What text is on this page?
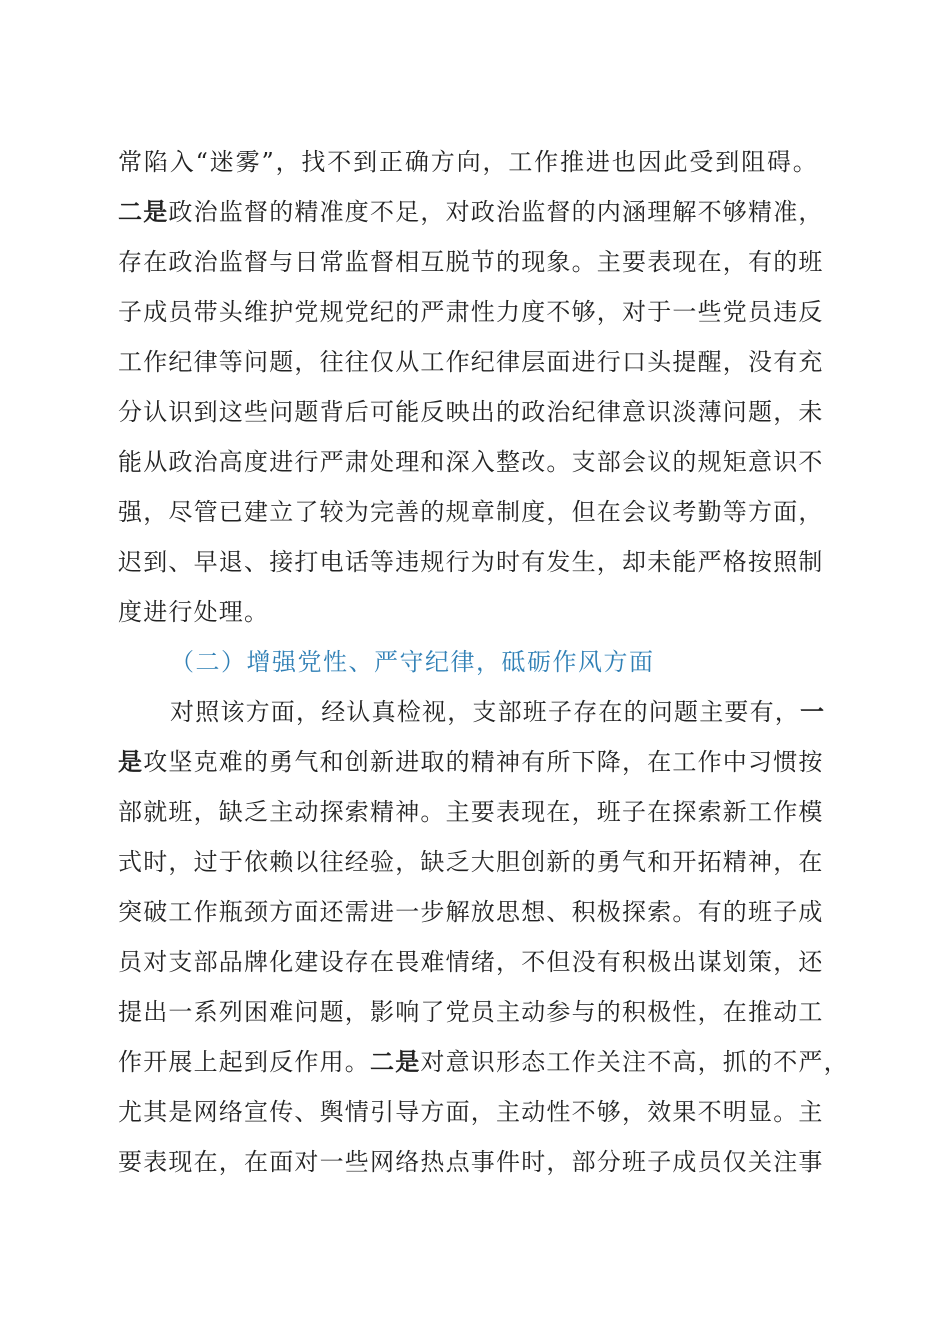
常陷入“迷雾”，找不到正确方向，工作推进也因此受到阻碍。
二是政治监督的精准度不足，对政治监督的内涵理解不够精准，
存在政治监督与日常监督相互脱节的现象。主要表现在，有的班
子成员带头维护党规党纪的严肃性力度不够，对于一些党员违反
工作纪律等问题，往往仅从工作纪律层面进行口头提醒，没有充
分认识到这些问题背后可能反映出的政治纪律意识淡薄问题，未
能从政治高度进行严肃处理和深入整改。支部会议的规矩意识不
强，尽管已建立了较为完善的规章制度，但在会议考勤等方面，
迟到、早退、接打电话等违规行为时有发生，却未能严格按照制
度进行处理。
（二）增强党性、严守纪律，砥砺作风方面
对照该方面，经认真检视，支部班子存在的问题主要有，一
是攻坚克难的勇气和创新进取的精神有所下降，在工作中习惯按
部就班，缺乏主动探索精神。主要表现在，班子在探索新工作模
式时，过于依赖以往经验，缺乏大胆创新的勇气和开拓精神，在
突破工作瓶颈方面还需进一步解放思想、积极探索。有的班子成
员对支部品牌化建设存在畏难情绪，不但没有积极出谋划策，还
提出一系列困难问题，影响了党员主动参与的积极性，在推动工
作开展上起到反作用。二是对意识形态工作关注不高，抓的不严，
尤其是网络宣传、舆情引导方面，主动性不够，效果不明显。主
要表现在，在面对一些网络热点事件时，部分班子成员仅关注事
